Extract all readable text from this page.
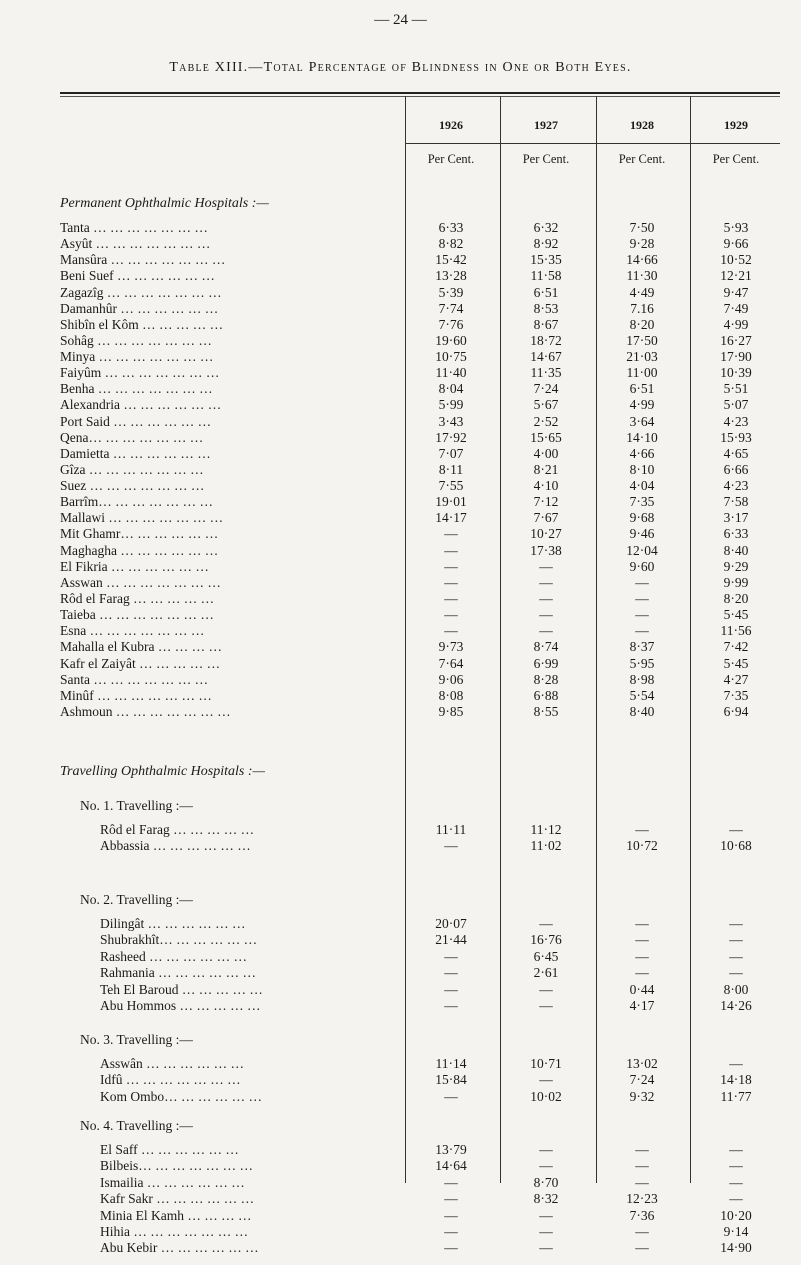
— 24 —
Table XIII.—Total Percentage of Blindness in One or Both Eyes.
1926	1927	1928	1929
Per Cent.	Per Cent.	Per Cent.	Per Cent.
Permanent Ophthalmic Hospitals :—
Tanta … … … … … … …	6·33	6·32	7·50	5·93
Asyût … … … … … … …	8·82	8·92	9·28	9·66
Mansûra … … … … … … …	15·42	15·35	14·66	10·52
Beni Suef … … … … … …	13·28	11·58	11·30	12·21
Zagazîg … … … … … … …	5·39	6·51	4·49	9·47
Damanhûr … … … … … …	7·74	8·53	7.16	7·49
Shibîn el Kôm … … … … …	7·76	8·67	8·20	4·99
Sohâg … … … … … … …	19·60	18·72	17·50	16·27
Minya … … … … … … …	10·75	14·67	21·03	17·90
Faiyûm … … … … … … …	11·40	11·35	11·00	10·39
Benha … … … … … … …	8·04	7·24	6·51	5·51
Alexandria … … … … … …	5·99	5·67	4·99	5·07
Port Said … … … … … …	3·43	2·52	3·64	4·23
Qena… … … … … … …	17·92	15·65	14·10	15·93
Damietta … … … … … …	7·07	4·00	4·66	4·65
Gîza … … … … … … …	8·11	8·21	8·10	6·66
Suez … … … … … … …	7·55	4·10	4·04	4·23
Barrîm… … … … … … …	19·01	7·12	7·35	7·58
Mallawi … … … … … … …	14·17	7·67	9·68	3·17
Mit Ghamr… … … … … …	—	10·27	9·46	6·33
Maghagha … … … … … …	—	17·38	12·04	8·40
El Fikria … … … … … …	—	—	9·60	9·29
Asswan … … … … … … …	—	—	—	9·99
Rôd el Farag … … … … …	—	—	—	8·20
Taieba … … … … … … …	—	—	—	5·45
Esna … … … … … … …	—	—	—	11·56
Mahalla el Kubra … … … …	9·73	8·74	8·37	7·42
Kafr el Zaiyât … … … … …	7·64	6·99	5·95	5·45
Santa … … … … … … …	9·06	8·28	8·98	4·27
Minûf … … … … … … …	8·08	6·88	5·54	7·35
Ashmoun … … … … … … …	9·85	8·55	8·40	6·94
Travelling Ophthalmic Hospitals :—
No. 1. Travelling :—
Rôd el Farag … … … … …	11·11	11·12	—	—
Abbassia … … … … … …	—	11·02	10·72	10·68
No. 2. Travelling :—
Dilingât … … … … … …	20·07	—	—	—
Shubrakhît… … … … … …	21·44	16·76	—	—
Rasheed … … … … … …	—	6·45	—	—
Rahmania … … … … … …	—	2·61	—	—
Teh El Baroud … … … … …	—	—	0·44	8·00
Abu Hommos … … … … …	—	—	4·17	14·26
No. 3. Travelling :—
Asswân … … … … … …	11·14	10·71	13·02	—
Idfû … … … … … … …	15·84	—	7·24	14·18
Kom Ombo… … … … … …	—	10·02	9·32	11·77
No. 4. Travelling :—
El Saff … … … … … …	13·79	—	—	—
Bilbeis… … … … … … …	14·64	—	—	—
Ismailia … … … … … …	—	8·70	—	—
Kafr Sakr … … … … … …	—	8·32	12·23	—
Minia El Kamh … … … …	—	—	7·36	10·20
Hihia … … … … … … …	—	—	—	9·14
Abu Kebir … … … … … …	—	—	—	14·90
